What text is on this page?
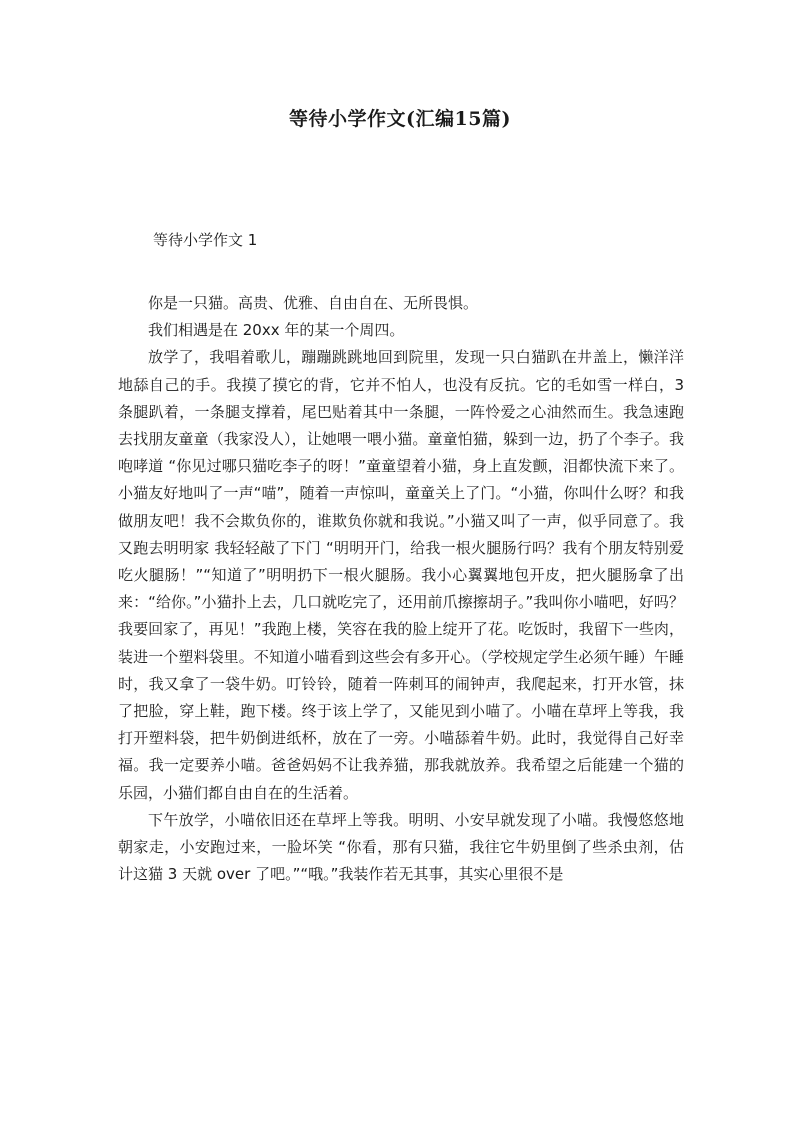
等待小学作文(汇编15篇)
等待小学作文 1

你是一只猫。高贵、优雅、自由自在、无所畏惧。

我们相遇是在 20xx 年的某一个周四。

放学了，我唱着歌儿，蹦蹦跳跳地回到院里，发现一只白猫趴在井盖上，懒洋洋地舔自己的手。我摸了摸它的背，它并不怕人，也没有反抗。它的毛如雪一样白，3 条腿趴着，一条腿支撑着，尾巴贴着其中一条腿，一阵怜爱之心油然而生。我急速跑去找朋友童童（我家没人），让她喂一喂小猫。童童怕猫，躲到一边，扔了个李子。我咆哮道 “你见过哪只猫吃李子的呀！”童童望着小猫，身上直发颤，泪都快流下来了。小猫友好地叫了一声“喵”，随着一声惊叫，童童关上了门。“小猫，你叫什么呀？和我做朋友吧！我不会欺负你的，谁欺负你就和我说。”小猫又叫了一声，似乎同意了。我又跑去明明家 我轻轻敲了下门 “明明开门，给我一根火腿肠行吗？我有个朋友特别爱吃火腿肠！”“知道了”明明扔下一根火腿肠。我小心翼翼地包开皮，把火腿肠拿了出来：“给你。”小猫扑上去，几口就吃完了，还用前爪擦擦胡子。”我叫你小喵吧，好吗？我要回家了，再见！”我跑上楼，笑容在我的脸上绽开了花。吃饭时，我留下一些肉，装进一个塑料袋里。不知道小喵看到这些会有多开心。（学校规定学生必须午睡）午睡时，我又拿了一袋牛奶。叮铃铃，随着一阵刺耳的闹钟声，我爬起来，打开水管，抹了把脸，穿上鞋，跑下楼。终于该上学了，又能见到小喵了。小喵在草坪上等我，我打开塑料袋，把牛奶倒进纸杯，放在了一旁。小喵舔着牛奶。此时，我觉得自己好幸福。我一定要养小喵。爸爸妈妈不让我养猫，那我就放养。我希望之后能建一个猫的乐园，小猫们都自由自在的生活着。

下午放学，小喵依旧还在草坪上等我。明明、小安早就发现了小喵。我慢悠悠地朝家走，小安跑过来，一脸坏笑 “你看，那有只猫，我往它牛奶里倒了些杀虫剂，估计这猫 3 天就 over 了吧。”“哦。”我装作若无其事，其实心里很不是
